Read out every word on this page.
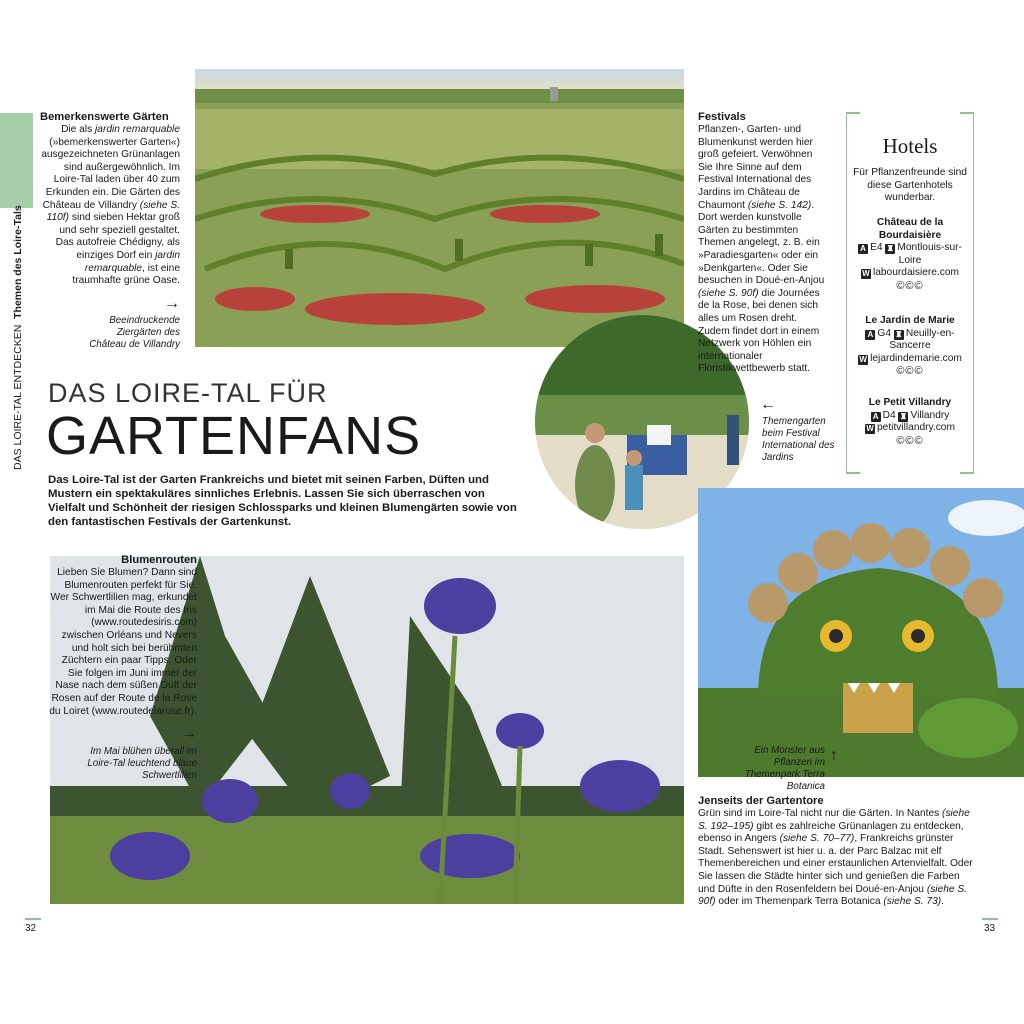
DAS LOIRE-TAL ENTDECKEN  Themen des Loire-Tals
Bemerkenswerte Gärten
Die als jardin remarquable (»bemerkenswerter Garten«) ausgezeichneten Grünanlagen sind außergewöhnlich. Im Loire-Tal laden über 40 zum Erkunden ein. Die Gärten des Château de Villandry (siehe S. 110f) sind sieben Hektar groß und sehr speziell gestaltet. Das autofreie Chédigny, als einziges Dorf ein jardin remarquable, ist eine traumhafte grüne Oase.
→
Beeindruckende Ziergärten des Château de Villandry
Festivals
Pflanzen-, Garten- und Blumenkunst werden hier groß gefeiert. Verwöhnen Sie Ihre Sinne auf dem Festival International des Jardins im Château de Chaumont (siehe S. 142). Dort werden kunstvolle Gärten zu bestimmten Themen angelegt, z. B. ein »Paradiesgarten« oder ein »Denkgarten«. Oder Sie besuchen in Doué-en-Anjou (siehe S. 90f) die Journées de la Rose, bei denen sich alles um Rosen dreht. Zudem findet dort in einem Netzwerk von Höhlen ein internationaler Floristikwettbewerb statt.
←
Themengarten beim Festival International des Jardins
Hotels
Für Pflanzenfreunde sind diese Gartenhotels wunderbar.
Château de la Bourdaisière
A E4 ♜ Montlouis-sur-Loire
W labourdaisiere.com
©©©
Le Jardin de Marie
A G4 ♜ Neuilly-en-Sancerre
W lejardindemarie.com
©©©
Le Petit Villandry
A D4 ♜ Villandry
W petitvillandry.com
©©©
DAS LOIRE-TAL FÜR
GARTENFANS
Das Loire-Tal ist der Garten Frankreichs und bietet mit seinen Farben, Düften und Mustern ein spektakuläres sinnliches Erlebnis. Lassen Sie sich überraschen von Vielfalt und Schönheit der riesigen Schlossparks und kleinen Blumengärten sowie von den fantastischen Festivals der Gartenkunst.
Blumenrouten
Lieben Sie Blumen? Dann sind Blumenrouten perfekt für Sie. Wer Schwertlilien mag, erkundet im Mai die Route des Iris (www.routedesiris.com) zwischen Orléans und Nevers und holt sich bei berühmten Züchtern ein paar Tipps. Oder Sie folgen im Juni immer der Nase nach dem süßen Duft der Rosen auf der Route de la Rose du Loiret (www.routedelarose.fr).
→
Im Mai blühen überall im Loire-Tal leuchtend blaue Schwertlilien
Ein Monster aus Pflanzen im Themenpark Terra Botanica
↑
Jenseits der Gartentore
Grün sind im Loire-Tal nicht nur die Gärten. In Nantes (siehe S. 192–195) gibt es zahlreiche Grünanlagen zu entdecken, ebenso in Angers (siehe S. 70–77), Frankreichs grünster Stadt. Sehenswert ist hier u. a. der Parc Balzac mit elf Themenbereichen und einer erstaunlichen Artenvielfalt. Oder Sie lassen die Städte hinter sich und genießen die Farben und Düfte in den Rosenfeldern bei Doué-en-Anjou (siehe S. 90f) oder im Themenpark Terra Botanica (siehe S. 73).
32	33
